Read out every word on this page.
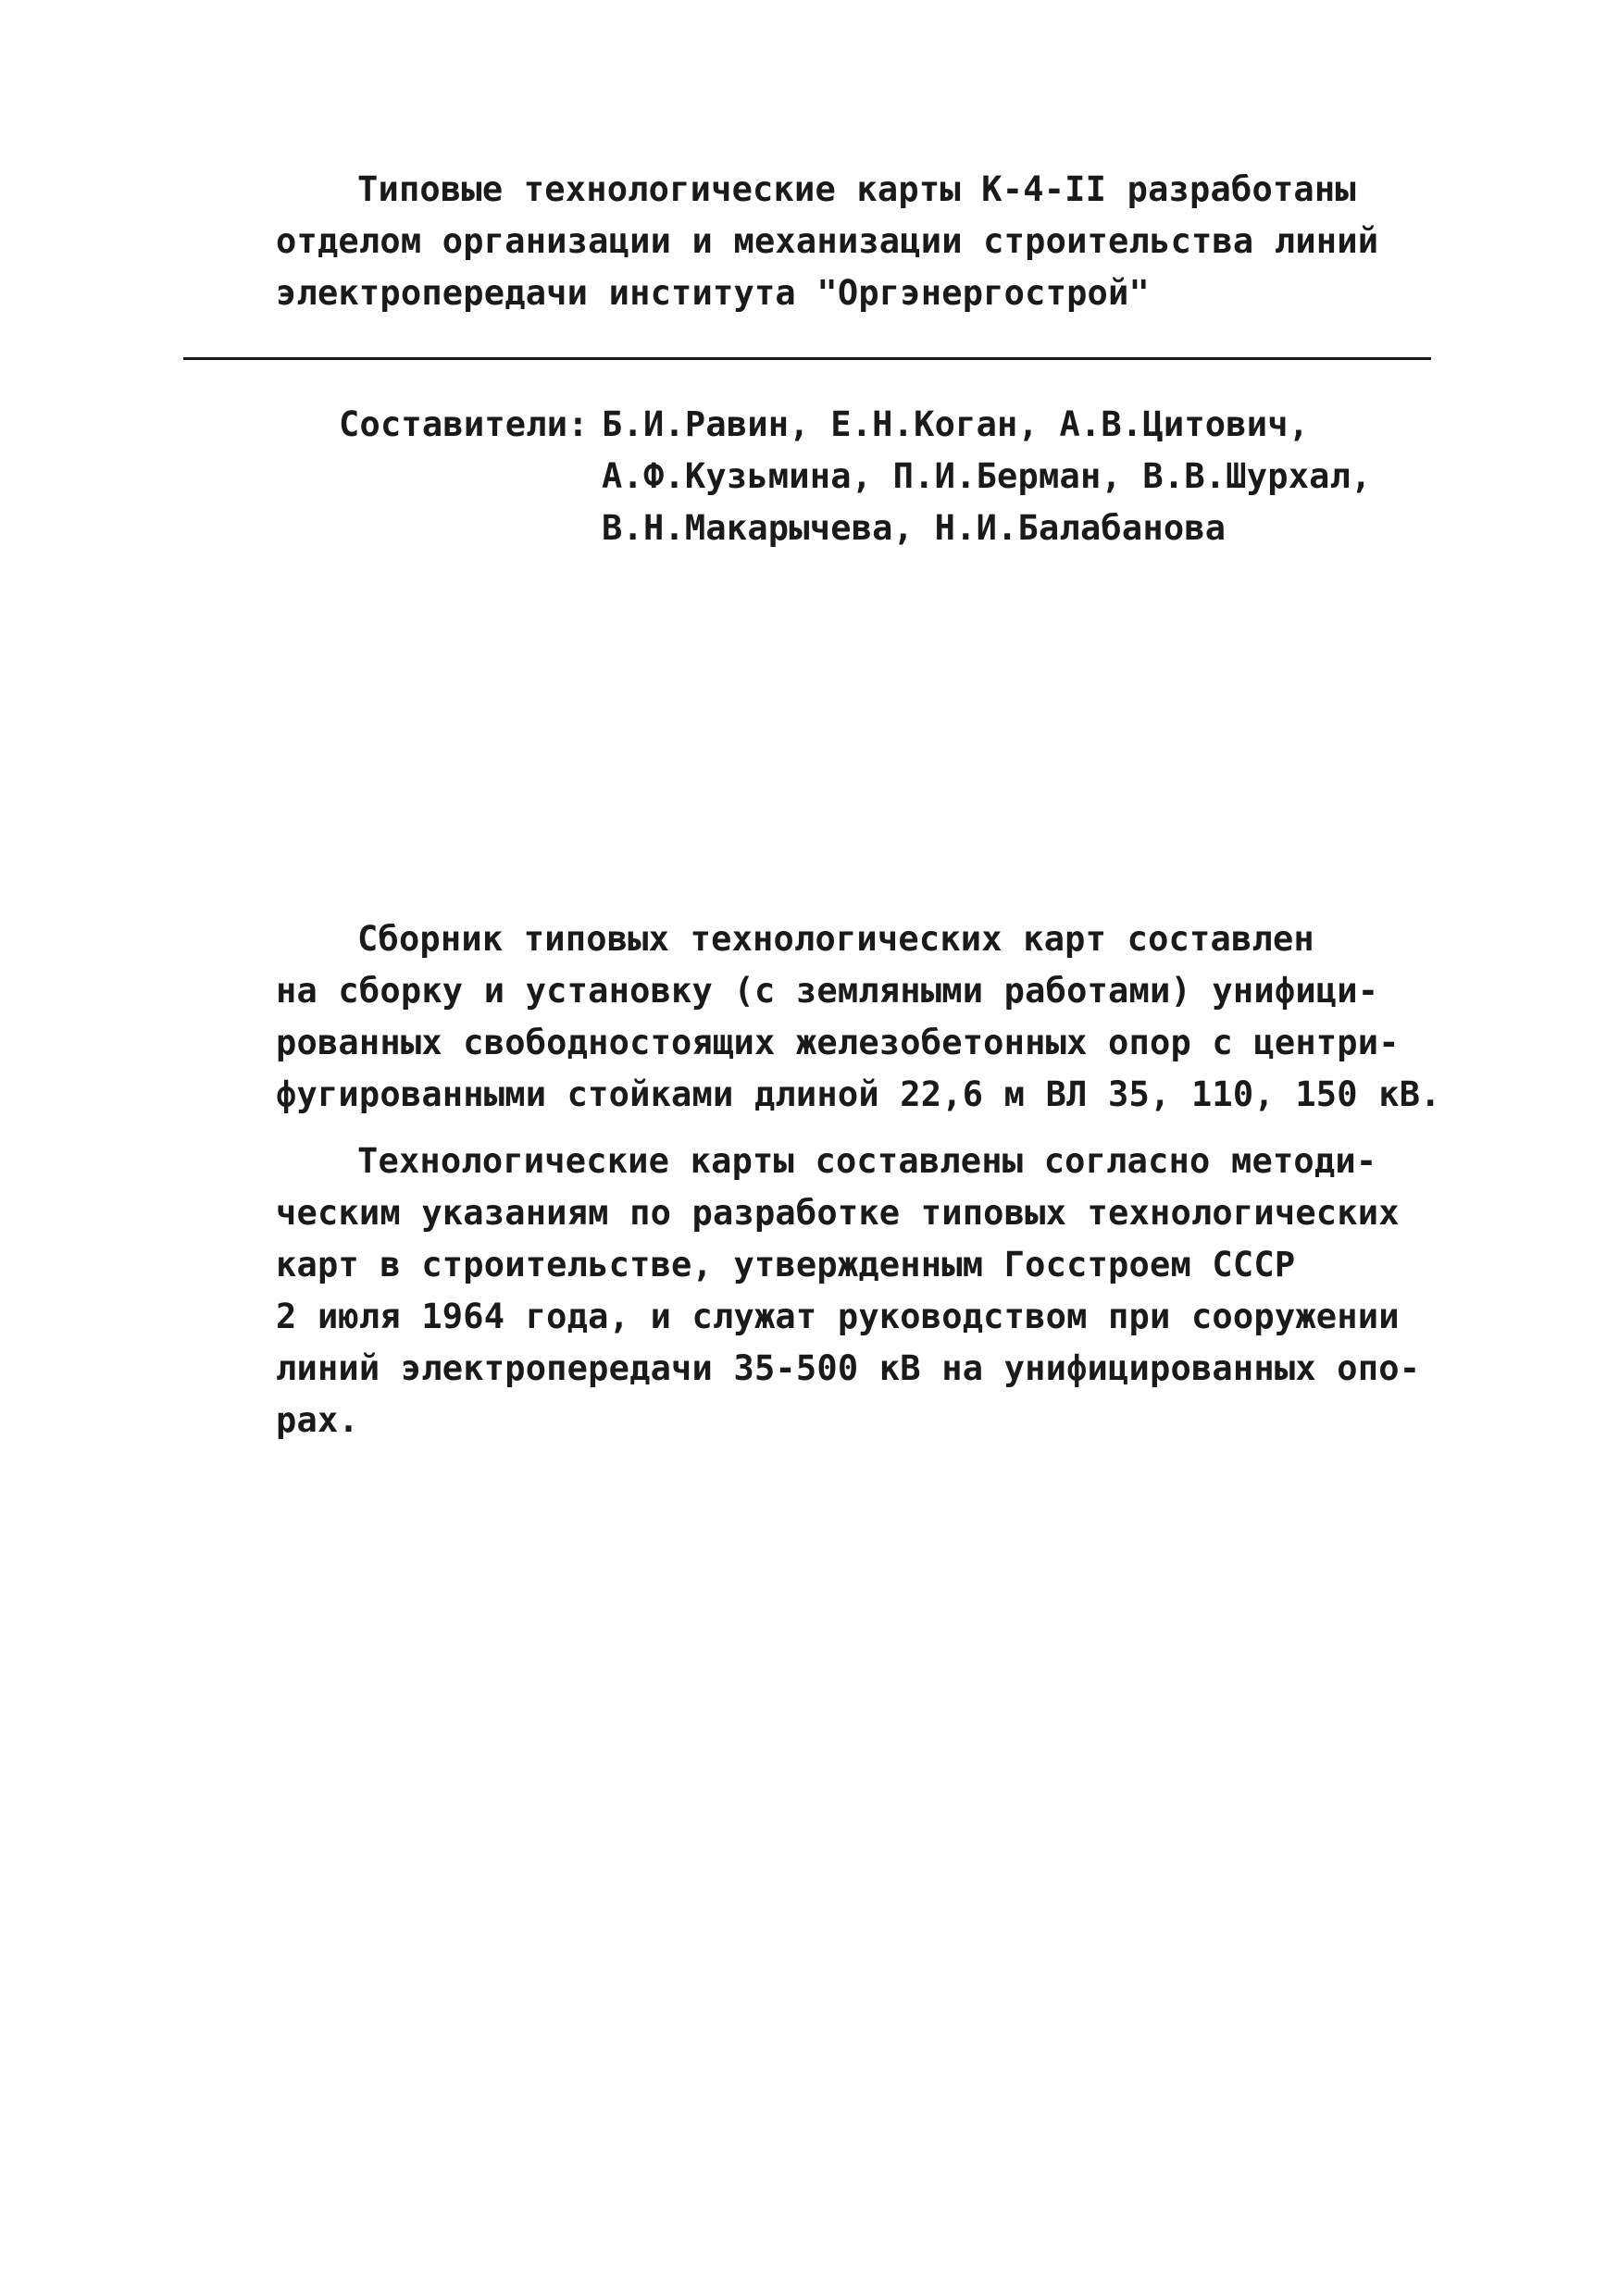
Типовые технологические карты К-4-II разработаны
отделом организации и механизации строительства линий
электропередачи института "Оргэнергострой"
Составители: Б.И.Равин, Е.Н.Коган, А.В.Цитович,
А.Ф.Кузьмина, П.И.Берман, В.В.Шурхал,
В.Н.Макарычева, Н.И.Балабанова
Сборник типовых технологических карт составлен
на сборку и установку (с земляными работами) унифици-
рованных свободностоящих железобетонных опор с центри-
фугированными стойками длиной 22,6 м ВЛ 35, 110, 150 кВ.
Технологические карты составлены согласно методи-
ческим указаниям по разработке типовых технологических
карт в строительстве, утвержденным Госстроем СССР
2 июля 1964 года, и служат руководством при сооружении
линий электропередачи 35-500 кВ на унифицированных опо-
рах.
